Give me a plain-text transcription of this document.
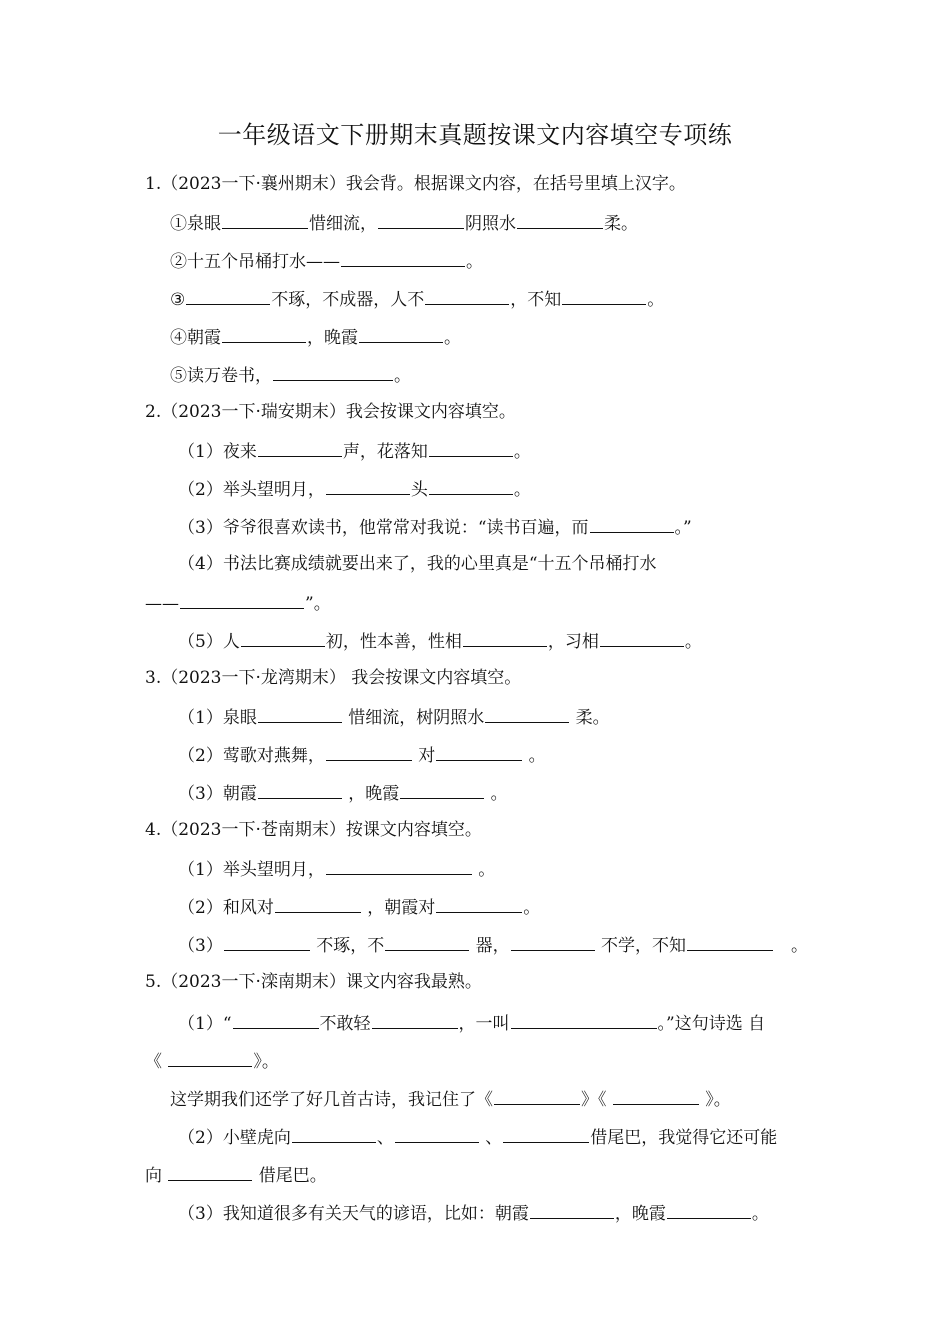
一年级语文下册期末真题按课文内容填空专项练
1.（2023一下·襄州期末）我会背。根据课文内容，在括号里填上汉字。
①泉眼	惜细流，	阴照水	柔。
②十五个吊桶打水——	。
③	不琢，不成器，人不	，不知	。
④朝霞	，晚霞	。
⑤读万卷书，	。
2.（2023一下·瑞安期末）我会按课文内容填空。
（1）夜来	声，花落知	。
（2）举头望明月，	头	。
（3）爷爷很喜欢读书，他常常对我说：“读书百遍，而	。”
（4）书法比赛成绩就要出来了，我的心里真是“十五个吊桶打水
——	”。
（5）人	初，性本善，性相	，习相	。
3.（2023一下·龙湾期末） 我会按课文内容填空。
（1）泉眼	惜细流，树阴照水	柔。
（2）莺歌对燕舞，	对	。
（3）朝霞	，晚霞	。
4.（2023一下·苍南期末）按课文内容填空。
（1）举头望明月，	。
（2）和风对	，朝霞对	。
（3）	不琢，不	器，	不学，不知	　。
5.（2023一下·滦南期末）课文内容我最熟。
（1）“	不敢轻	，一叫	。”这句诗选 自
《	》。
这学期我们还学了好几首古诗，我记住了《	》《	》。
（2）小壁虎向	、	、	借尾巴，我觉得它还可能
向	借尾巴。
（3）我知道很多有关天气的谚语，比如：朝霞	，晚霞	。
